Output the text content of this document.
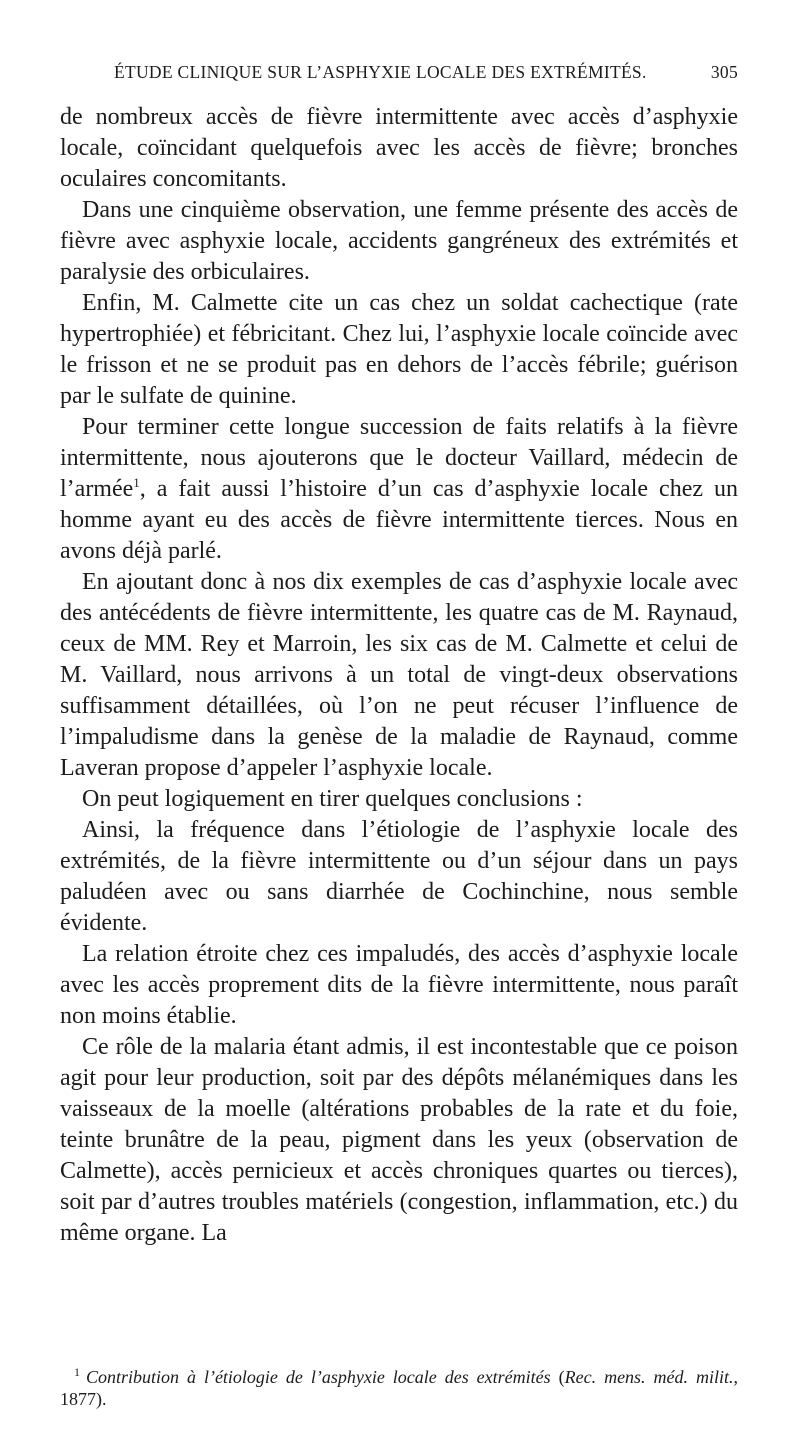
ÉTUDE CLINIQUE SUR L’ASPHYXIE LOCALE DES EXTRÉMITÉS.	305

de nombreux accès de fièvre intermittente avec accès d’asphyxie locale, coïncidant quelquefois avec les accès de fièvre; bronches oculaires concomitants.

Dans une cinquième observation, une femme présente des accès de fièvre avec asphyxie locale, accidents gangréneux des extrémités et paralysie des orbiculaires.

Enfin, M. Calmette cite un cas chez un soldat cachectique (rate hypertrophiée) et fébricitant. Chez lui, l’asphyxie locale coïncide avec le frisson et ne se produit pas en dehors de l’accès fébrile; guérison par le sulfate de quinine.

Pour terminer cette longue succession de faits relatifs à la fièvre intermittente, nous ajouterons que le docteur Vaillard, médecin de l’armée$^1$, a fait aussi l’histoire d’un cas d’asphyxie locale chez un homme ayant eu des accès de fièvre intermittente tierces. Nous en avons déjà parlé.

En ajoutant donc à nos dix exemples de cas d’asphyxie locale avec des antécédents de fièvre intermittente, les quatre cas de M. Raynaud, ceux de MM. Rey et Marroin, les six cas de M. Calmette et celui de M. Vaillard, nous arrivons à un total de vingt-deux observations suffisamment détaillées, où l’on ne peut récuser l’influence de l’impaludisme dans la genèse de la maladie de Raynaud, comme Laveran propose d’appeler l’asphyxie locale.

On peut logiquement en tirer quelques conclusions :

Ainsi, la fréquence dans l’étiologie de l’asphyxie locale des extrémités, de la fièvre intermittente ou d’un séjour dans un pays paludéen avec ou sans diarrhée de Cochinchine, nous semble évidente.

La relation étroite chez ces impaludés, des accès d’asphyxie locale avec les accès proprement dits de la fièvre intermittente, nous paraît non moins établie.

Ce rôle de la malaria étant admis, il est incontestable que ce poison agit pour leur production, soit par des dépôts mélanémiques dans les vaisseaux de la moelle (altérations probables de la rate et du foie, teinte brunâtre de la peau, pigment dans les yeux (observation de Calmette), accès pernicieux et accès chroniques quartes ou tierces), soit par d’autres troubles matériels (congestion, inflammation, etc.) du même organe. La

$^1$ Contribution à l’étiologie de l’asphyxie locale des extrémités (Rec. mens. méd. milit., 1877).
